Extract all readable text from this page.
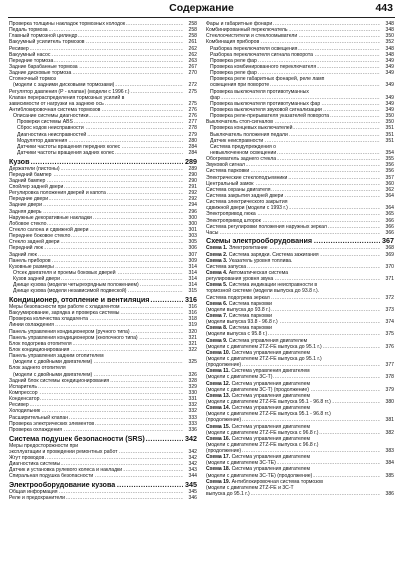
Содержание	443
Проверка толщины накладок тормозных колодок .....	258
Педаль тормоза .....	258
Главный тормозной цилиндр .....	258
Вакуумный усилитель тормозов .....	261
Ресивер .....	262
Вакуумный насос .....	262
Передние тормоза .....	263
Задние барабанные тормоза .....	267
Задние дисковые тормоза .....	270
Стояночный тормоз
(модели с задними дисковыми тормозами) .....	272
Регулятор давления (P - клапан) (модели с 1996 г.) .....	275
Клапан перераспределения тормозных усилий в
зависимости от нагрузки на заднюю ось .....	275
Антиблокировочная система тормозов .....	276
Описание системы диагностики .....	276
Проверки системы ABS .....	277
Сброс кодов неисправности .....	278
Диагностика неисправностей .....	279
Модулятор давления .....	280
Датчики частоты вращения передних колес .....	284
Датчики частоты вращения задних колес .....	284
Кузов .....	289
Держатели (пистоны) .....	289
Передний бампер .....	290
Задний бампер .....	290
Спойлер задней двери .....	291
Регулировка положения дверей и капота .....	292
Передние двери .....	292
Задние двери .....	294
Задняя дверь .....	296
Наружные декоративные накладки .....	300
Лобовое стекло .....	300
Стекло салона и сдвижной двери .....	301
Переднее боковое стекло .....	303
Стекло задней двери .....	305
Передний люк .....	306
Задний люк .....	307
Панель приборов .....	309
Кузовные размеры .....	314
Отсек двигателя и проемы боковых дверей .....	314
Кузов задней двери .....	314
Днище кузова (модели четырехрядным положением) .....	314
Днище кузова (модели независимой подвеской) .....	315
Кондиционер, отопление и вентиляция .....	316
Меры безопасности при работе с хладагентом .....	316
Вакуумирование, зарядка и проверка системы .....	316
Проверка количества хладагента .....	318
Линии охлаждения .....	319
Панель управления кондиционером (ручного типа) .....	320
Панель управления кондиционером (кнопочного типа) .....	321
Блок подогрева отопителя .....	321
Блок кондиционирования .....	322
Панель управления задним отопителем
(модели с двойными двигателем) .....	325
Блок заднего отопителя
(модели с двойными двигателем) .....	326
Задний блок системы кондиционирования .....	328
Испаритель .....	329
Компрессор .....	330
Конденсатор .....	331
Ресивер .....	332
Холодильник .....	332
Расширительный клапан .....	333
Проверка электрических элементов .....	333
Проверка охлаждения .....	336
Система подушек безопасности (SRS) .....	342
Меры предосторожности при
эксплуатации и проведении ремонтных работ .....	342
Жгут проводов .....	342
Диагностика системы .....	342
Датчик и установка рулевого колеса и накладки .....	343
Спиральная подушка безопасности .....	344
Электрооборудование кузова .....	345
Общая информация .....	345
Реле и предохранители .....	346
Фары и габаритные фонари .....	348
Комбинированный переключатель .....	348
Стеклоочистители и стеклоомыватели .....	350
Комбинация приборов .....	352
Разборка переключателя освещения .....	348
Разборка переключателя сигнала поворота .....	348
Проверка реле фар .....	349
Проверка комбинированного переключателя .....	349
Проверка реле фар .....	349
Проверка реле габаритных фонарей, реле ламп
освещения при повороте .....	349
Проверка выключателя противотуманных
фар .....	349
Проверка выключателя противотуманных фар .....	349
Проверка выключателя звуковой сигнализации .....	349
Проверка реле-прерывателя указателей поворота .....	350
Выключатель стоп-сигналов .....	350
Проверка концевых выключателей .....	351
Выключатель положения педали .....	351
Датчик неисправности .....	351
Система предупреждения о
невыключенном освещении .....	354
Обогреватель заднего стекла .....	355
Звуковой сигнал .....	356
Система парковки .....	356
Электрические стеклоподъемники .....	357
Центральный замок .....	360
Система охраны двигателя .....	362
Система закрытия задней двери .....	364
Система электрического закрытия
сдвижной двери (модели с 1993 г.) .....	364
Электропривод люка .....	365
Электропривод шторок .....	366
Система регулировки положения наружных зеркал .....	366
Часы .....	366
Схемы электрооборудования .....	367
Схема 1. Электропитание .....	368
Схема 2. Система зарядки. Система зажигания .....	369
Схема 3. Указатель уровня топлива.
Система запуска .....	370
Схема 4. Автоматическая система
регулирования уровня звука .....	371
Схема 5. Система индикации неисправности в
тормозной системе (модели выпуска до 93.8 г.).
Система подогрева зеркал .....	372
Схема 6. Система парковки
(модели выпуска до 93.8 г.) .....	373
Схема 7. Система парковки
(модели выпуска 93.8 - 96.8 г.) .....	374
Схема 8. Система парковки
(модели выпуска с 95.8 г.) .....	375
Схема 9. Система управления двигателем
(модели с двигателем 2TZ-FE выпуска до 95.1 г.) .....	376
Схема 10. Система управления двигателем
(модели с двигателем 2TZ-FE выпуска до 95.1 г.)
(продолжение) .....	377
Схема 11. Система управления двигателем
(модели с двигателем 3C-T) .....	378
Схема 12. Система управления двигателем
(модели с двигателем 3C-T) (продолжение) .....	379
Схема 13. Система управления двигателем
(модели с двигателем 2TZ-FE выпуска 95.1 - 96.8 гг.) .....	380
Схема 14. Система управления двигателем
(модели с двигателем 2TZ-FE выпуска 95.1 - 96.8 гг.)
(продолжение) .....	381
Схема 15. Система управления двигателем
(модели с двигателем 2TZ-FE выпуска с 96.8 г.) .....	382
Схема 16. Система управления двигателем
(модели с двигателем 2TZ-FE выпуска с 96.8 г.)
(продолжение) .....	383
Схема 17. Система управления двигателем
(модели с двигателем 3C-TE) .....	384
Схема 18. Система управления двигателем
(модели с двигателем 3C-TE) (продолжение) .....	385
Схема 19. Антиблокировочная система тормозов
(модели с двигателем 2TZ-FE и 3C-T
выпуска до 95.1 г.) .....	386
